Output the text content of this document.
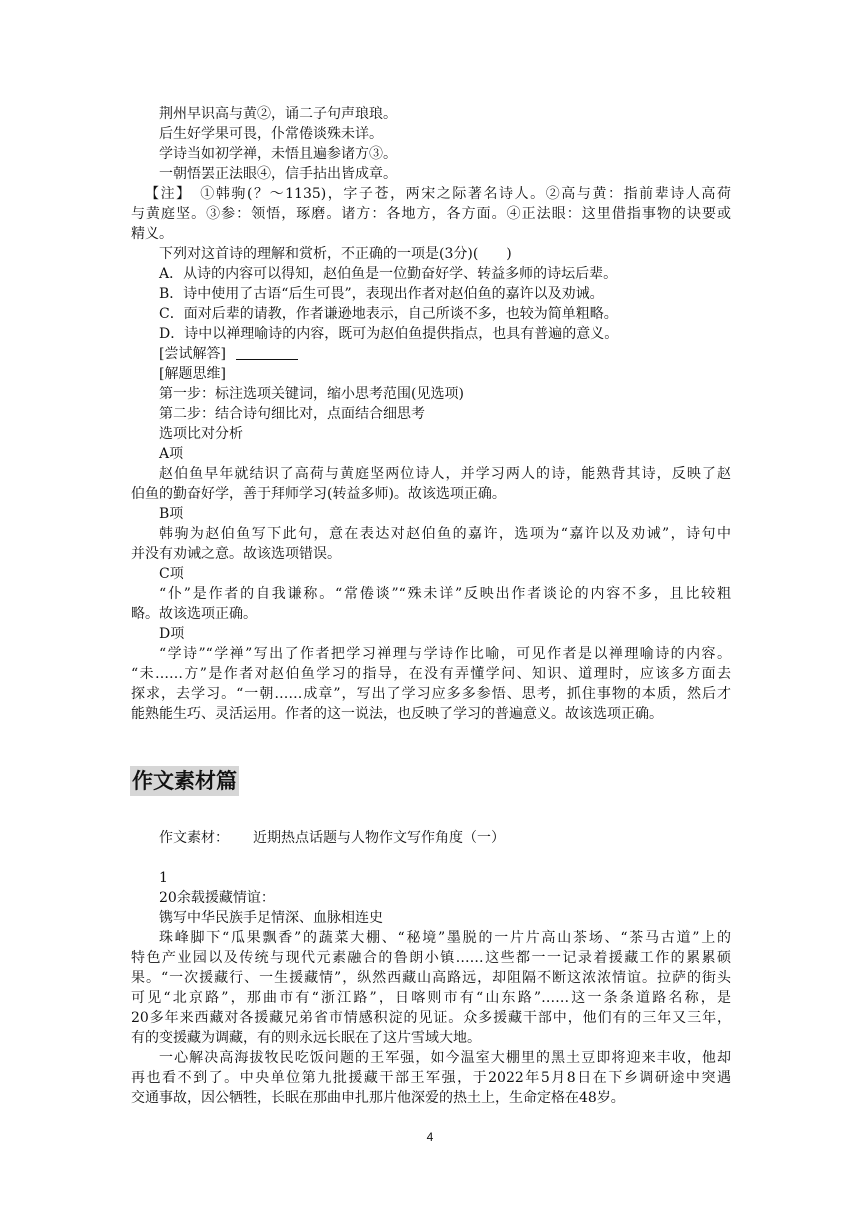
荆州早识高与黄②，诵二子句声琅琅。
后生好学果可畏，仆常倦谈殊未详。
学诗当如初学禅，未悟且遍参诸方③。
一朝悟罢正法眼④，信手拈出皆成章。
【注】　①韩驹(？～1135)，字子苍，两宋之际著名诗人。②高与黄：指前辈诗人高荷
与黄庭坚。③参：领悟，琢磨。诸方：各地方，各方面。④正法眼：这里借指事物的诀要或
精义。
下列对这首诗的理解和赏析，不正确的一项是(3分)(　　)
A．从诗的内容可以得知，赵伯鱼是一位勤奋好学、转益多师的诗坛后辈。
B．诗中使用了古语“后生可畏”，表现出作者对赵伯鱼的嘉许以及劝诫。
C．面对后辈的请教，作者谦逊地表示，自己所谈不多，也较为简单粗略。
D．诗中以禅理喻诗的内容，既可为赵伯鱼提供指点，也具有普遍的意义。
[尝试解答]
[解题思维]
第一步：标注选项关键词，缩小思考范围(见选项)
第二步：结合诗句细比对，点面结合细思考
选项比对分析
A项
赵伯鱼早年就结识了高荷与黄庭坚两位诗人，并学习两人的诗，能熟背其诗，反映了赵
伯鱼的勤奋好学，善于拜师学习(转益多师)。故该选项正确。
B项
韩驹为赵伯鱼写下此句，意在表达对赵伯鱼的嘉许，选项为“嘉许以及劝诫”，诗句中
并没有劝诫之意。故该选项错误。
C项
“仆”是作者的自我谦称。“常倦谈”“殊未详”反映出作者谈论的内容不多，且比较粗
略。故该选项正确。
D项
“学诗”“学禅”写出了作者把学习禅理与学诗作比喻，可见作者是以禅理喻诗的内容。
“未……方”是作者对赵伯鱼学习的指导，在没有弄懂学问、知识、道理时，应该多方面去
探求，去学习。“一朝……成章”，写出了学习应多多参悟、思考，抓住事物的本质，然后才
能熟能生巧、灵活运用。作者的这一说法，也反映了学习的普遍意义。故该选项正确。
作文素材篇
作文素材： 近期热点话题与人物作文写作角度（一）
1
20余载援藏情谊：
镌写中华民族手足情深、血脉相连史
珠峰脚下“瓜果飘香”的蔬菜大棚、“秘境”墨脱的一片片高山茶场、“茶马古道”上的
特色产业园以及传统与现代元素融合的鲁朗小镇……这些都一一记录着援藏工作的累累硕
果。“一次援藏行、一生援藏情”，纵然西藏山高路远，却阻隔不断这浓浓情谊。拉萨的街头
可见“北京路”，那曲市有“浙江路”，日喀则市有“山东路”……这一条条道路名称，是
20多年来西藏对各援藏兄弟省市情感积淀的见证。众多援藏干部中，他们有的三年又三年，
有的变援藏为调藏，有的则永远长眠在了这片雪域大地。
一心解决高海拔牧民吃饭问题的王军强，如今温室大棚里的黑土豆即将迎来丰收，他却
再也看不到了。中央单位第九批援藏干部王军强，于2022年5月8日在下乡调研途中突遇
交通事故，因公牺牲，长眠在那曲申扎那片他深爱的热土上，生命定格在48岁。
4
